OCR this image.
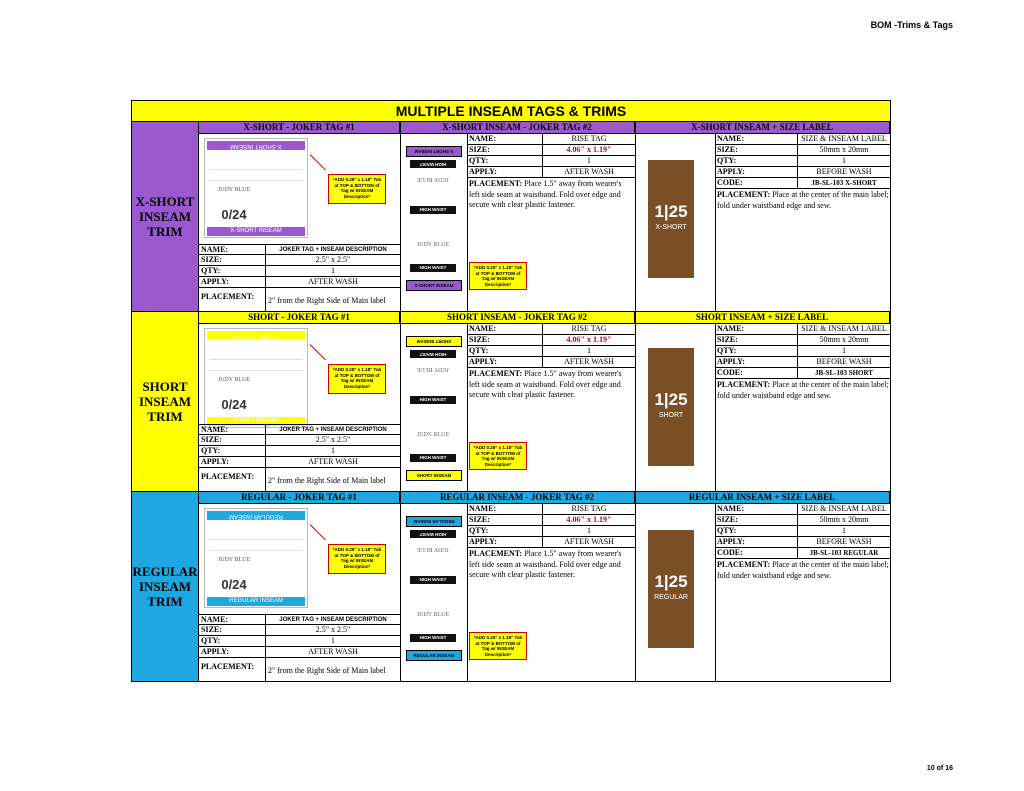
BOM -Trims & Tags
MULTIPLE INSEAM TAGS & TRIMS
X-SHORT
INSEAM
TRIM
X-SHORT - JOKER TAG #1	X-SHORT INSEAM - JOKER TAG #2	X-SHORT INSEAM + SIZE LABEL
X-SHORT INSEAM
JUDY BLUE
0/24
X-SHORT INSEAM
*ADD 0.25" x 1.18" Tab at TOP & BOTTOM of Tag w/ INSEAM Description*
NAME:	JOKER TAG + INSEAM DESCRIPTION
SIZE:	2.5" x 2.5"
QTY:	1
APPLY:	AFTER WASH
PLACEMENT:	2" from the Right Side of Main label
X-SHORT INSEAM
HIGH WAIST
JUDY BLUE
HIGH WAIST
JUDY BLUE
HIGH WAIST
X-SHORT INSEAM
*ADD 0.25" x 1.18" Tab at TOP & BOTTOM of Tag w/ INSEAM Description*
NAME:	RISE TAG
SIZE:	4.06" x 1.19"
QTY:	1
APPLY:	AFTER WASH
PLACEMENT: Place 1.5" away from wearer's left side seam at waistband. Fold over edge and secure with clear plastic fastener.	1|25
X-SHORT
NAME:	SIZE & INSEAM LABEL
SIZE:	50mm x 20mm
QTY:	1
APPLY:	BEFORE WASH
CODE:	JB-SL-103 X-SHORT
PLACEMENT: Place at the center of the main label; fold under waistband edge and sew.
SHORT
INSEAM
TRIM
SHORT - JOKER TAG #1	SHORT INSEAM - JOKER TAG #2	SHORT INSEAM + SIZE LABEL
SHORT INSEAM
JUDY BLUE
0/24
SHORT INSEAM
*ADD 0.25" x 1.18" Tab at TOP & BOTTOM of Tag w/ INSEAM Description*
NAME:	JOKER TAG + INSEAM DESCRIPTION
SIZE:	2.5" x 2.5"
QTY:	1
APPLY:	AFTER WASH
PLACEMENT:	2" from the Right Side of Main label
SHORT INSEAM
HIGH WAIST
JUDY BLUE
HIGH WAIST
JUDY BLUE
HIGH WAIST
SHORT INSEAM
*ADD 0.25" x 1.18" Tab at TOP & BOTTOM of Tag w/ INSEAM Description*
NAME:	RISE TAG
SIZE:	4.06" x 1.19"
QTY:	1
APPLY:	AFTER WASH
PLACEMENT: Place 1.5" away from wearer's left side seam at waistband. Fold over edge and secure with clear plastic fastener.	1|25
SHORT
NAME:	SIZE & INSEAM LABEL
SIZE:	50mm x 20mm
QTY:	1
APPLY:	BEFORE WASH
CODE:	JB-SL-103 SHORT
PLACEMENT: Place at the center of the main label; fold under waistband edge and sew.
REGULAR
INSEAM
TRIM
REGULAR - JOKER TAG #1	REGULAR INSEAM - JOKER TAG #2	REGULAR INSEAM + SIZE LABEL
REGULAR INSEAM
JUDY BLUE
0/24
REGULAR INSEAM
*ADD 0.25" x 1.18" Tab at TOP & BOTTOM of Tag w/ INSEAM Description*
NAME:	JOKER TAG + INSEAM DESCRIPTION
SIZE:	2.5" x 2.5"
QTY:	1
APPLY:	AFTER WASH
PLACEMENT:	2" from the Right Side of Main label
REGULAR INSEAM
HIGH WAIST
JUDY BLUE
HIGH WAIST
JUDY BLUE
HIGH WAIST
REGULAR INSEAM
*ADD 0.25" x 1.18" Tab at TOP & BOTTOM of Tag w/ INSEAM Description*
NAME:	RISE TAG
SIZE:	4.06" x 1.19"
QTY:	1
APPLY:	AFTER WASH
PLACEMENT: Place 1.5" away from wearer's left side seam at waistband. Fold over edge and secure with clear plastic fastener.	1|25
REGULAR
NAME:	SIZE & INSEAM LABEL
SIZE:	50mm x 20mm
QTY:	1
APPLY:	BEFORE WASH
CODE:	JB-SL-103 REGULAR
PLACEMENT: Place at the center of the main label; fold under waistband edge and sew.
10 of 16
